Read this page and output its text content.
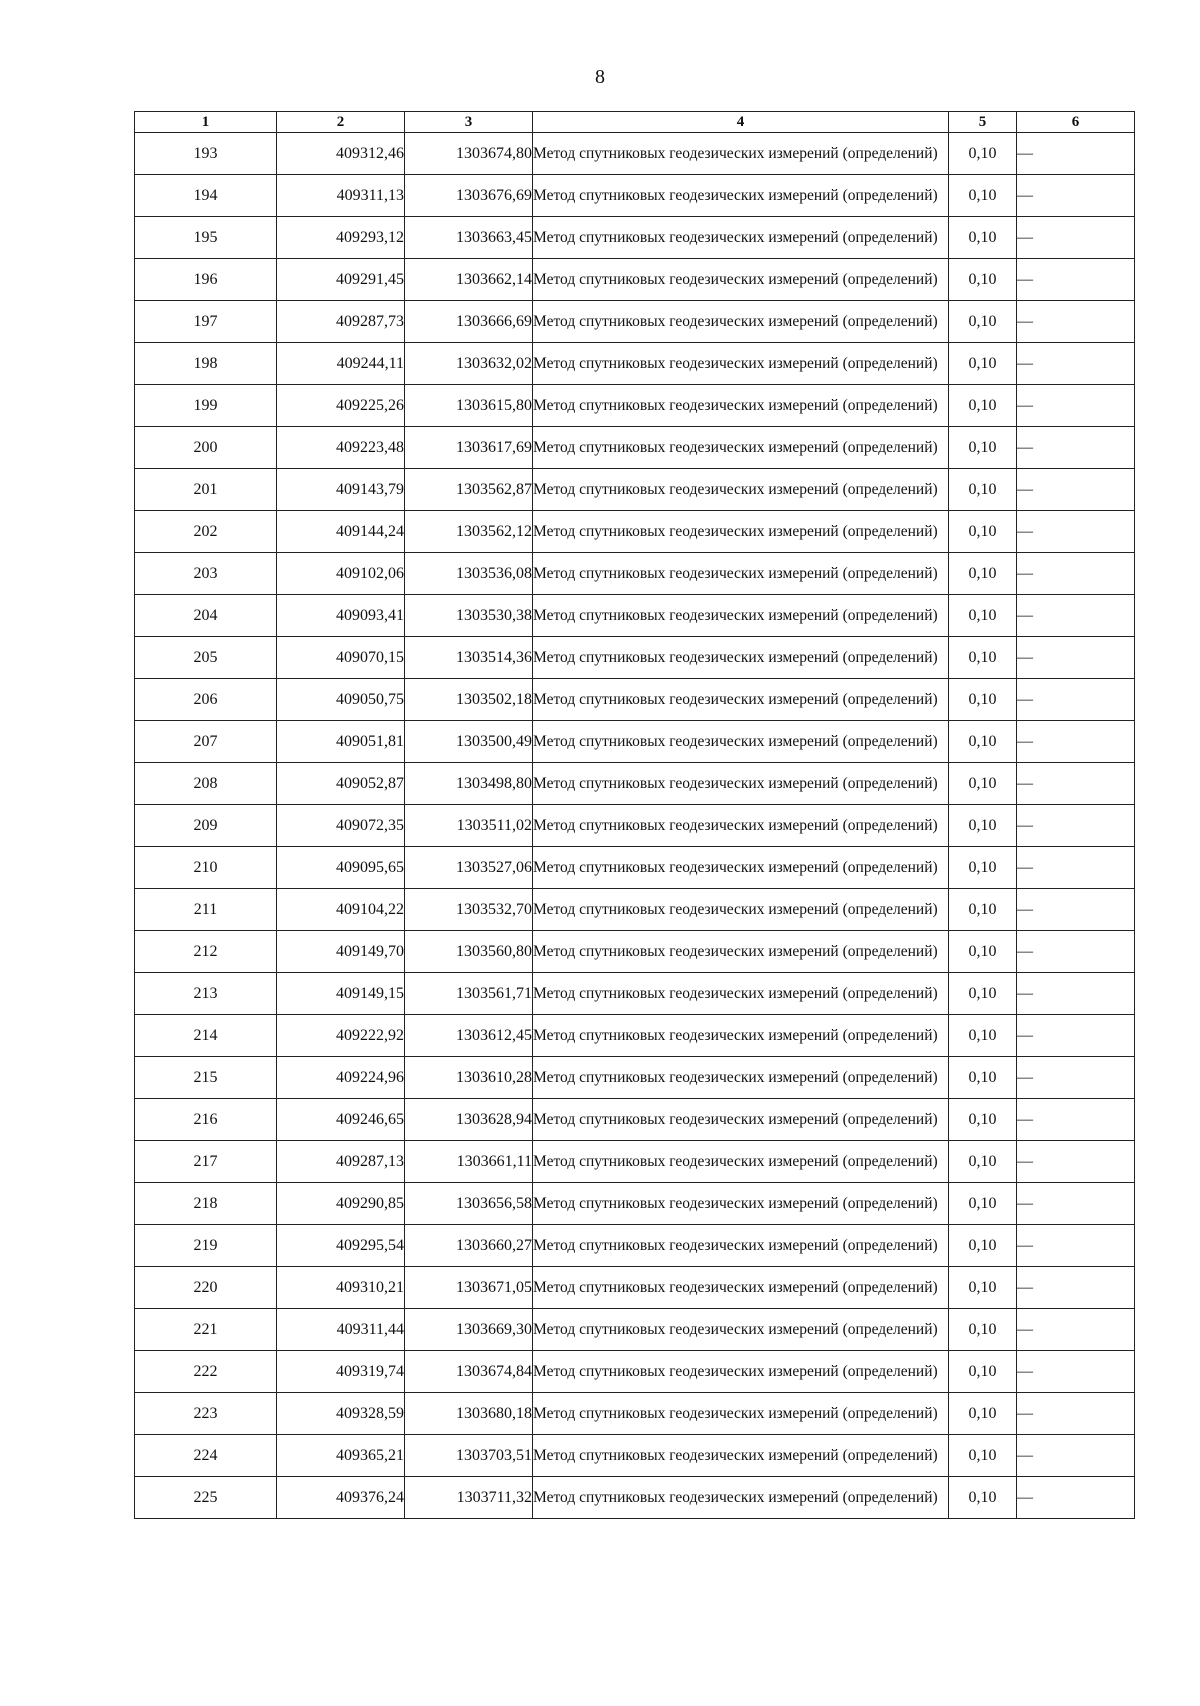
8
1	2	3	4	5	6
193	409312,46	1303674,80	Метод спутниковых геодезических измерений (определений)	0,10	—
194	409311,13	1303676,69	Метод спутниковых геодезических измерений (определений)	0,10	—
195	409293,12	1303663,45	Метод спутниковых геодезических измерений (определений)	0,10	—
196	409291,45	1303662,14	Метод спутниковых геодезических измерений (определений)	0,10	—
197	409287,73	1303666,69	Метод спутниковых геодезических измерений (определений)	0,10	—
198	409244,11	1303632,02	Метод спутниковых геодезических измерений (определений)	0,10	—
199	409225,26	1303615,80	Метод спутниковых геодезических измерений (определений)	0,10	—
200	409223,48	1303617,69	Метод спутниковых геодезических измерений (определений)	0,10	—
201	409143,79	1303562,87	Метод спутниковых геодезических измерений (определений)	0,10	—
202	409144,24	1303562,12	Метод спутниковых геодезических измерений (определений)	0,10	—
203	409102,06	1303536,08	Метод спутниковых геодезических измерений (определений)	0,10	—
204	409093,41	1303530,38	Метод спутниковых геодезических измерений (определений)	0,10	—
205	409070,15	1303514,36	Метод спутниковых геодезических измерений (определений)	0,10	—
206	409050,75	1303502,18	Метод спутниковых геодезических измерений (определений)	0,10	—
207	409051,81	1303500,49	Метод спутниковых геодезических измерений (определений)	0,10	—
208	409052,87	1303498,80	Метод спутниковых геодезических измерений (определений)	0,10	—
209	409072,35	1303511,02	Метод спутниковых геодезических измерений (определений)	0,10	—
210	409095,65	1303527,06	Метод спутниковых геодезических измерений (определений)	0,10	—
211	409104,22	1303532,70	Метод спутниковых геодезических измерений (определений)	0,10	—
212	409149,70	1303560,80	Метод спутниковых геодезических измерений (определений)	0,10	—
213	409149,15	1303561,71	Метод спутниковых геодезических измерений (определений)	0,10	—
214	409222,92	1303612,45	Метод спутниковых геодезических измерений (определений)	0,10	—
215	409224,96	1303610,28	Метод спутниковых геодезических измерений (определений)	0,10	—
216	409246,65	1303628,94	Метод спутниковых геодезических измерений (определений)	0,10	—
217	409287,13	1303661,11	Метод спутниковых геодезических измерений (определений)	0,10	—
218	409290,85	1303656,58	Метод спутниковых геодезических измерений (определений)	0,10	—
219	409295,54	1303660,27	Метод спутниковых геодезических измерений (определений)	0,10	—
220	409310,21	1303671,05	Метод спутниковых геодезических измерений (определений)	0,10	—
221	409311,44	1303669,30	Метод спутниковых геодезических измерений (определений)	0,10	—
222	409319,74	1303674,84	Метод спутниковых геодезических измерений (определений)	0,10	—
223	409328,59	1303680,18	Метод спутниковых геодезических измерений (определений)	0,10	—
224	409365,21	1303703,51	Метод спутниковых геодезических измерений (определений)	0,10	—
225	409376,24	1303711,32	Метод спутниковых геодезических измерений (определений)	0,10	—
